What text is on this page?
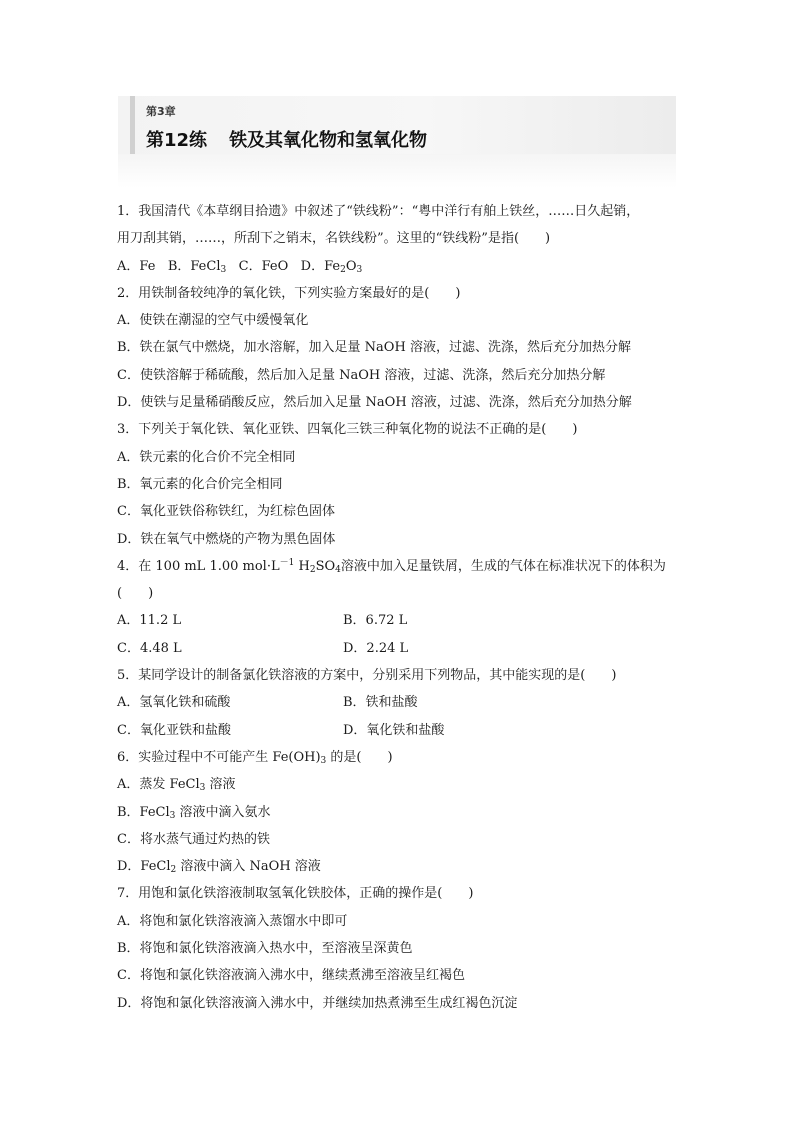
第3章
第12练 铁及其氧化物和氢氧化物
1．我国清代《本草纲目拾遗》中叙述了“铁线粉”：“粤中洋行有舶上铁丝，……日久起销，
用刀刮其销，……，所刮下之销末，名铁线粉”。这里的“铁线粉”是指(　　)
A．Fe B．FeCl$_3$ C．FeO D．$Fe_2O_3$
2．用铁制备较纯净的氧化铁，下列实验方案最好的是(　　)
A．使铁在潮湿的空气中缓慢氧化
B．铁在氯气中燃烧，加水溶解，加入足量 NaOH 溶液，过滤、洗涤，然后充分加热分解
C．使铁溶解于稀硫酸，然后加入足量 NaOH 溶液，过滤、洗涤，然后充分加热分解
D．使铁与足量稀硝酸反应，然后加入足量 NaOH 溶液，过滤、洗涤，然后充分加热分解
3．下列关于氧化铁、氧化亚铁、四氧化三铁三种氧化物的说法不正确的是(　　)
A．铁元素的化合价不完全相同
B．氧元素的化合价完全相同
C．氧化亚铁俗称铁红，为红棕色固体
D．铁在氧气中燃烧的产物为黑色固体
4．在 100 mL 1.00 $mol\cdot L^{-1}$ $H_2SO_4$溶液中加入足量铁屑，生成的气体在标准状况下的体积为
(　　)
A．11.2 L	B．6.72 L
C．4.48 L	D．2.24 L
5．某同学设计的制备氯化铁溶液的方案中，分别采用下列物品，其中能实现的是(　　)
A．氢氧化铁和硫酸	B．铁和盐酸
C．氧化亚铁和盐酸	D．氧化铁和盐酸
6．实验过程中不可能产生 $Fe(OH)_3$ 的是(　　)
A．蒸发 FeCl$_3$ 溶液
B．FeCl$_3$ 溶液中滴入氨水
C．将水蒸气通过灼热的铁
D．FeCl$_2$ 溶液中滴入 NaOH 溶液
7．用饱和氯化铁溶液制取氢氧化铁胶体，正确的操作是(　　)
A．将饱和氯化铁溶液滴入蒸馏水中即可
B．将饱和氯化铁溶液滴入热水中，至溶液呈深黄色
C．将饱和氯化铁溶液滴入沸水中，继续煮沸至溶液呈红褐色
D．将饱和氯化铁溶液滴入沸水中，并继续加热煮沸至生成红褐色沉淀
